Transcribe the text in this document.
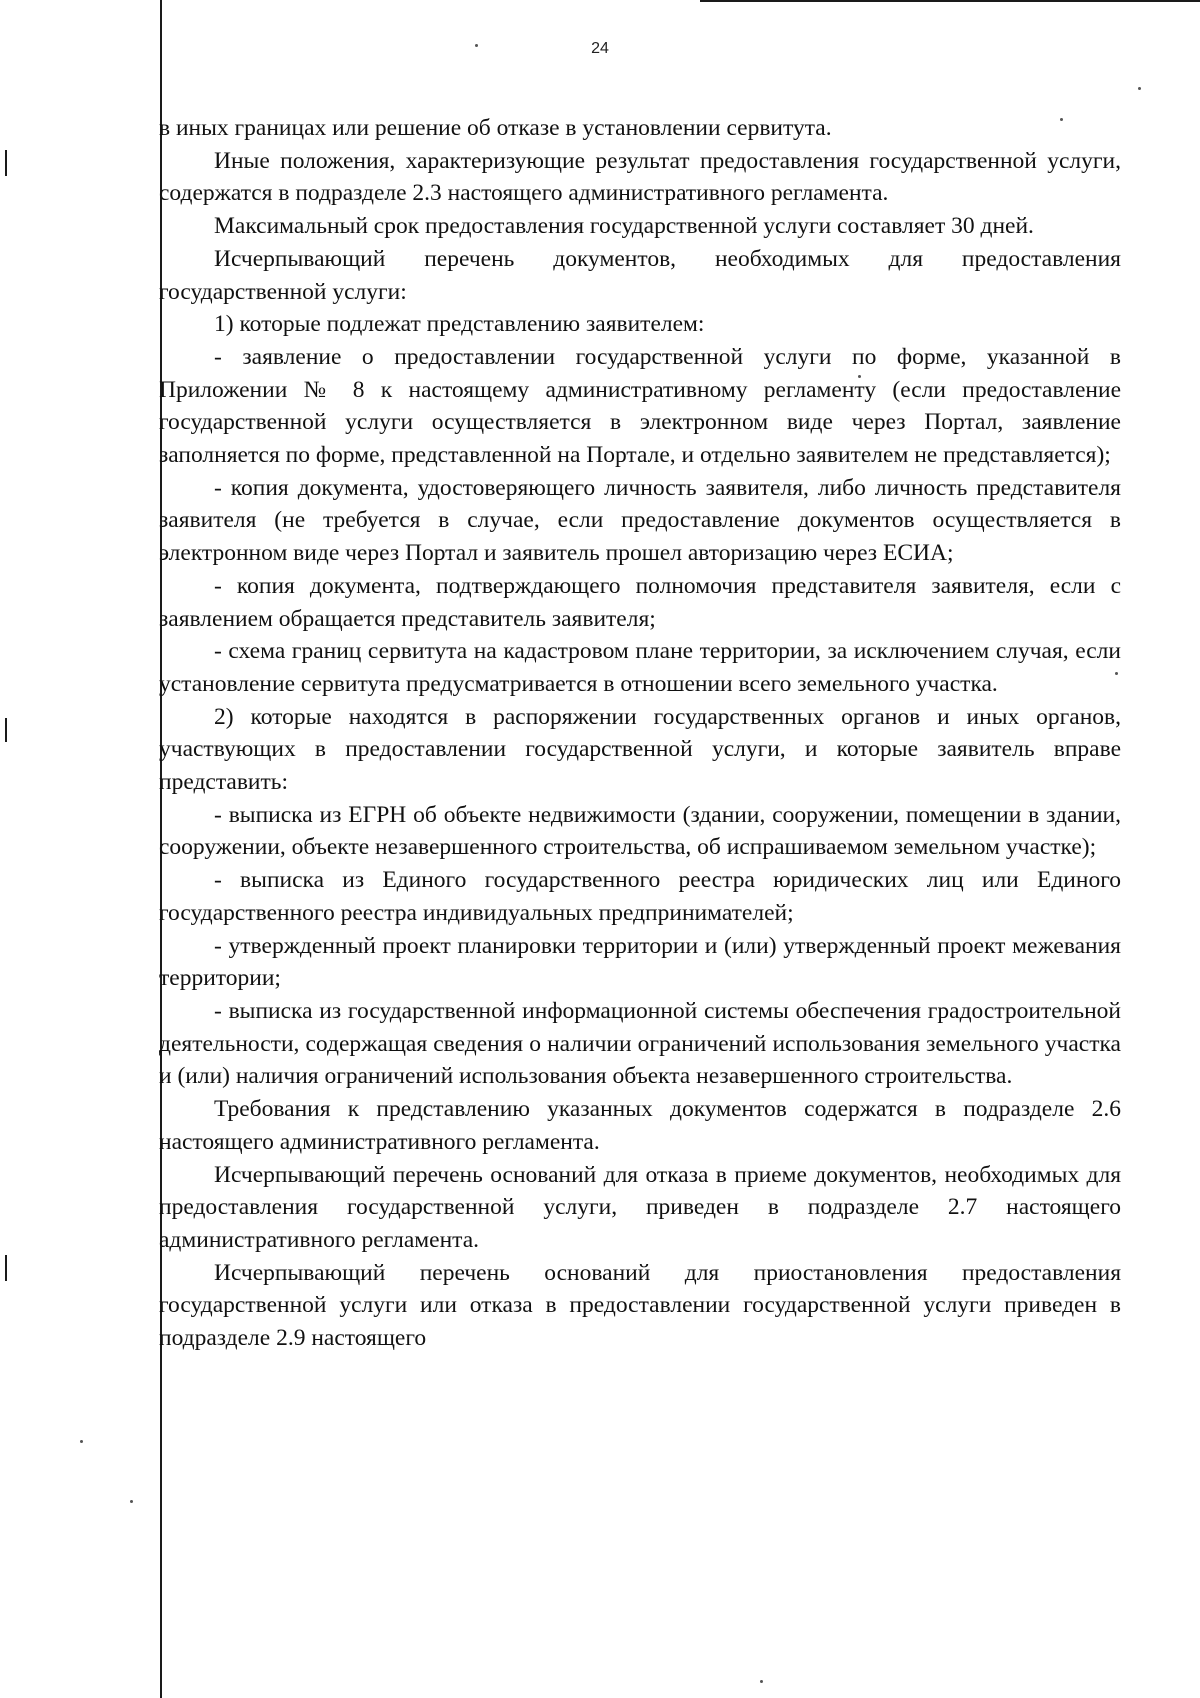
24

в иных границах или решение об отказе в установлении сервитута.

Иные положения, характеризующие результат предоставления государственной услуги, содержатся в подразделе 2.3 настоящего административного регламента.

Максимальный срок предоставления государственной услуги составляет 30 дней.

Исчерпывающий перечень документов, необходимых для предоставления государственной услуги:

1) которые подлежат представлению заявителем:

- заявление о предоставлении государственной услуги по форме, указанной в Приложении № 8 к настоящему административному регламенту (если предоставление государственной услуги осуществляется в электронном виде через Портал, заявление заполняется по форме, представленной на Портале, и отдельно заявителем не представляется);

- копия документа, удостоверяющего личность заявителя, либо личность представителя заявителя (не требуется в случае, если предоставление документов осуществляется в электронном виде через Портал и заявитель прошел авторизацию через ЕСИА;

- копия документа, подтверждающего полномочия представителя заявителя, если с заявлением обращается представитель заявителя;

- схема границ сервитута на кадастровом плане территории, за исключением случая, если установление сервитута предусматривается в отношении всего земельного участка.

2) которые находятся в распоряжении государственных органов и иных органов, участвующих в предоставлении государственной услуги, и которые заявитель вправе представить:

- выписка из ЕГРН об объекте недвижимости (здании, сооружении, помещении в здании, сооружении, объекте незавершенного строительства, об испрашиваемом земельном участке);

- выписка из Единого государственного реестра юридических лиц или Единого государственного реестра индивидуальных предпринимателей;

- утвержденный проект планировки территории и (или) утвержденный проект межевания территории;

- выписка из государственной информационной системы обеспечения градостроительной деятельности, содержащая сведения о наличии ограничений использования земельного участка и (или) наличия ограничений использования объекта незавершенного строительства.

Требования к представлению указанных документов содержатся в подразделе 2.6 настоящего административного регламента.

Исчерпывающий перечень оснований для отказа в приеме документов, необходимых для предоставления государственной услуги, приведен в подразделе 2.7 настоящего административного регламента.

Исчерпывающий перечень оснований для приостановления предоставления государственной услуги или отказа в предоставлении государственной услуги приведен в подразделе 2.9 настоящего
